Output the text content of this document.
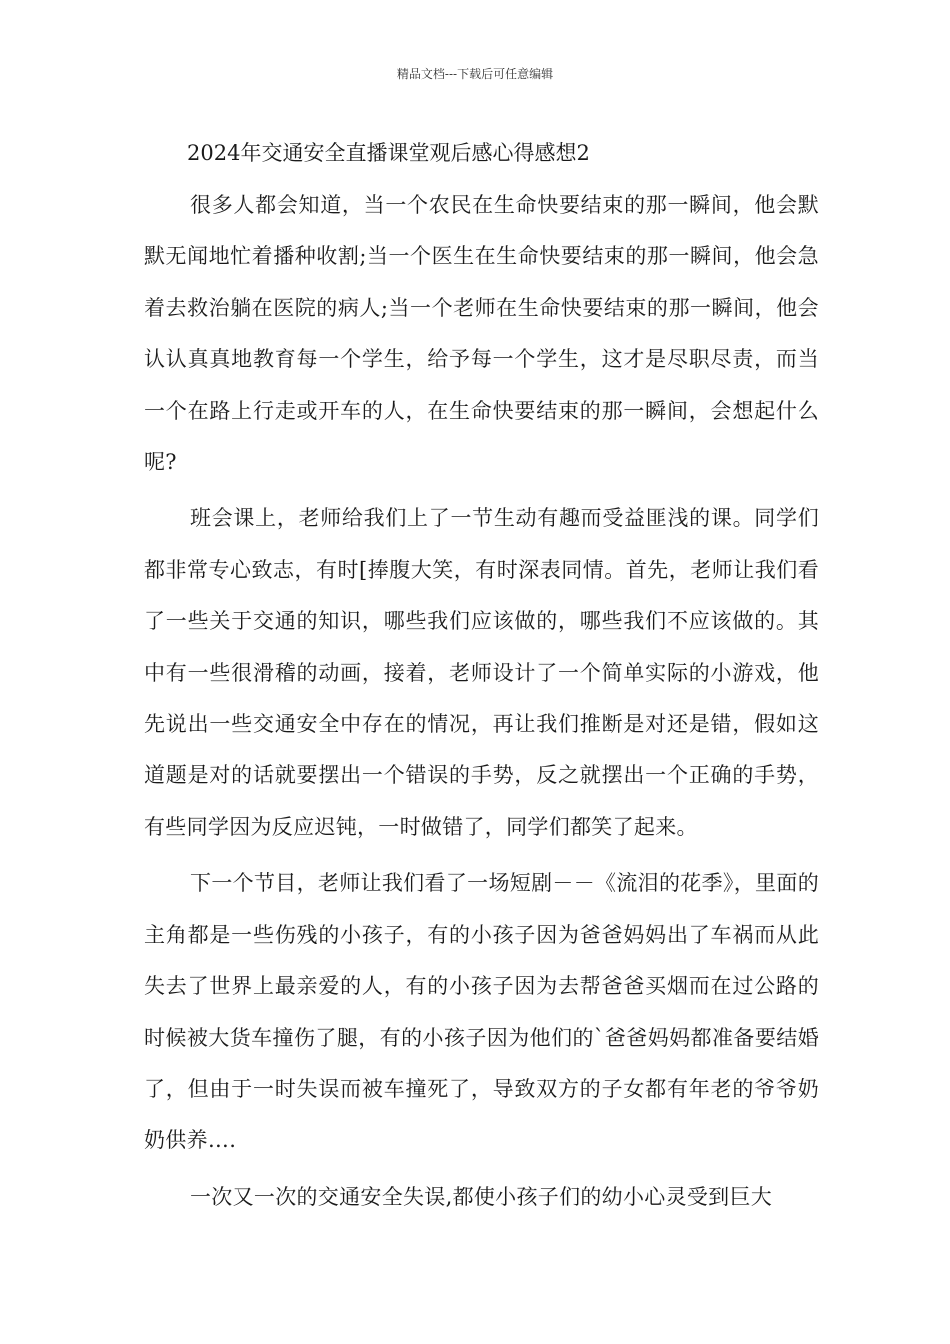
精品文档---下载后可任意编辑
2024年交通安全直播课堂观后感心得感想2

很多人都会知道，当一个农民在生命快要结束的那一瞬间，他会默默无闻地忙着播种收割;当一个医生在生命快要结束的那一瞬间，他会急着去救治躺在医院的病人;当一个老师在生命快要结束的那一瞬间，他会认认真真地教育每一个学生，给予每一个学生，这才是尽职尽责，而当一个在路上行走或开车的人，在生命快要结束的那一瞬间，会想起什么呢?

班会课上，老师给我们上了一节生动有趣而受益匪浅的课。同学们都非常专心致志，有时[捧腹大笑，有时深表同情。首先，老师让我们看了一些关于交通的知识，哪些我们应该做的，哪些我们不应该做的。其中有一些很滑稽的动画，接着，老师设计了一个简单实际的小游戏，他先说出一些交通安全中存在的情况，再让我们推断是对还是错，假如这道题是对的话就要摆出一个错误的手势，反之就摆出一个正确的手势，有些同学因为反应迟钝，一时做错了，同学们都笑了起来。

下一个节目，老师让我们看了一场短剧－－《流泪的花季》，里面的主角都是一些伤残的小孩子，有的小孩子因为爸爸妈妈出了车祸而从此失去了世界上最亲爱的人，有的小孩子因为去帮爸爸买烟而在过公路的时候被大货车撞伤了腿，有的小孩子因为他们的`爸爸妈妈都准备要结婚了，但由于一时失误而被车撞死了，导致双方的子女都有年老的爷爷奶奶供养….

一次又一次的交通安全失误,都使小孩子们的幼小心灵受到巨大
